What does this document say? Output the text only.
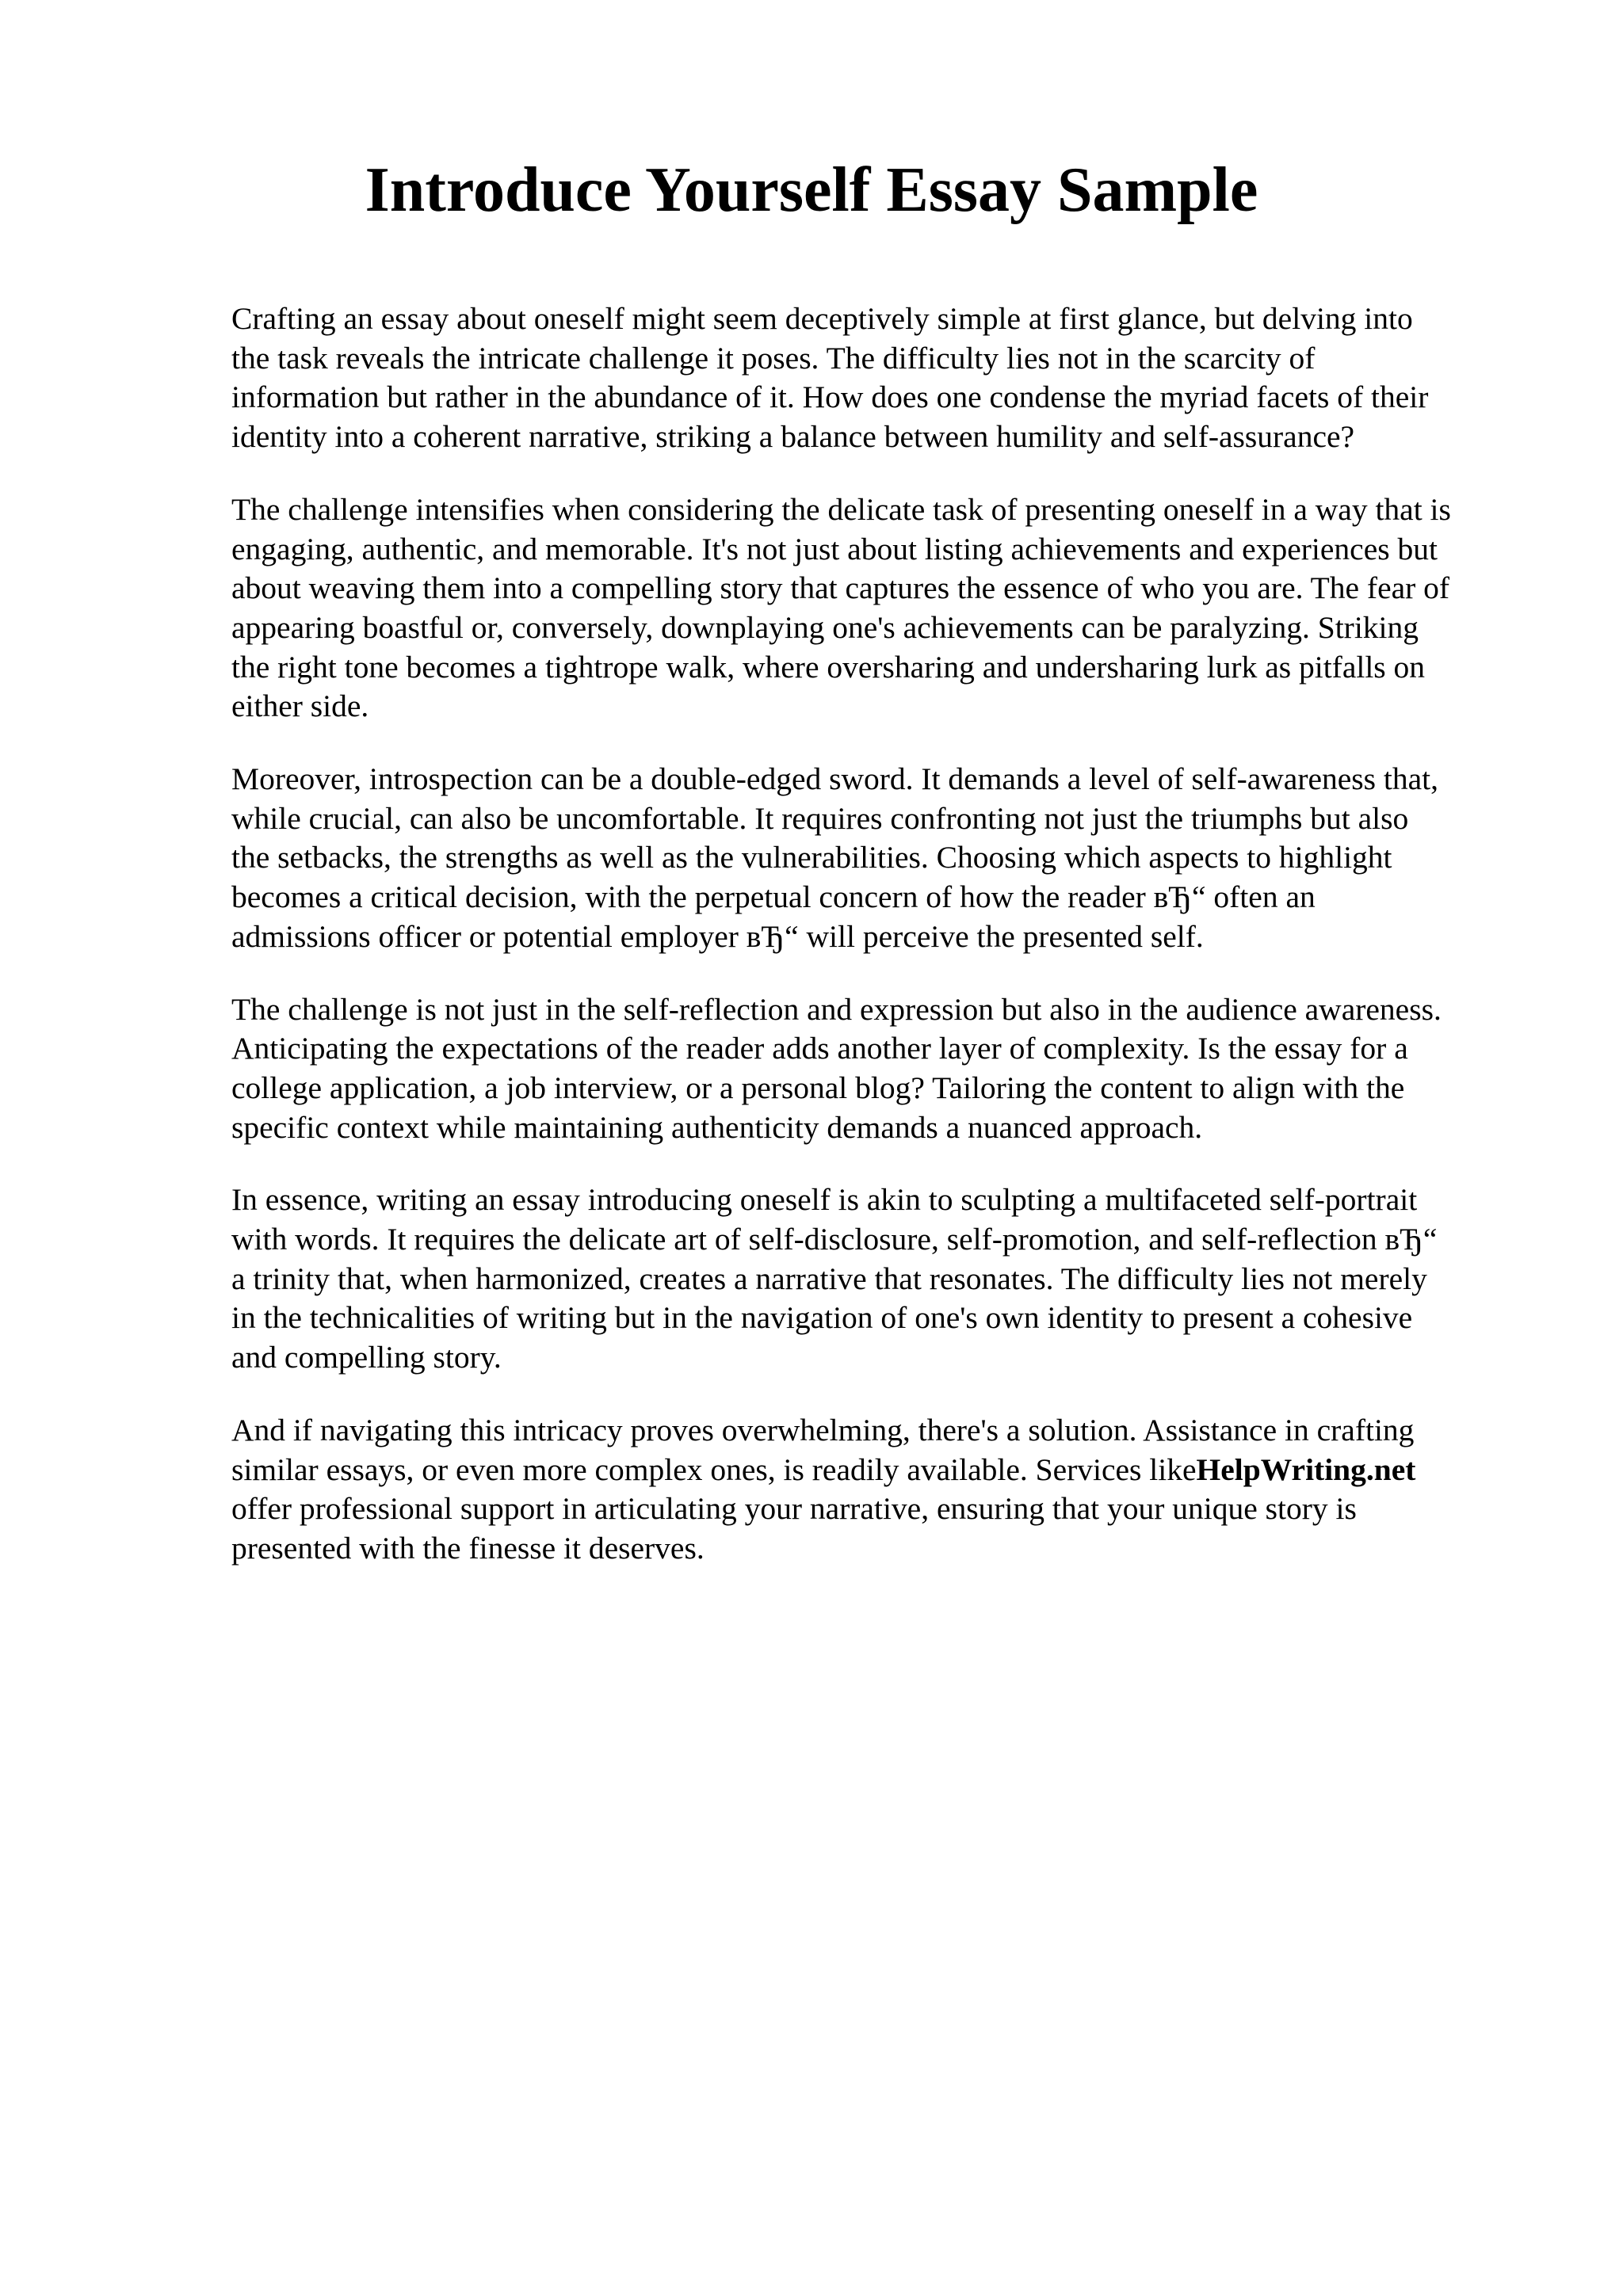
Introduce Yourself Essay Sample

Crafting an essay about oneself might seem deceptively simple at first glance, but delving into
the task reveals the intricate challenge it poses. The difficulty lies not in the scarcity of
information but rather in the abundance of it. How does one condense the myriad facets of their
identity into a coherent narrative, striking a balance between humility and self-assurance?

The challenge intensifies when considering the delicate task of presenting oneself in a way that is
engaging, authentic, and memorable. It's not just about listing achievements and experiences but
about weaving them into a compelling story that captures the essence of who you are. The fear of
appearing boastful or, conversely, downplaying one's achievements can be paralyzing. Striking
the right tone becomes a tightrope walk, where oversharing and undersharing lurk as pitfalls on
either side.

Moreover, introspection can be a double-edged sword. It demands a level of self-awareness that,
while crucial, can also be uncomfortable. It requires confronting not just the triumphs but also
the setbacks, the strengths as well as the vulnerabilities. Choosing which aspects to highlight
becomes a critical decision, with the perpetual concern of how the reader вЂ“ often an
admissions officer or potential employer вЂ“ will perceive the presented self.

The challenge is not just in the self-reflection and expression but also in the audience awareness.
Anticipating the expectations of the reader adds another layer of complexity. Is the essay for a
college application, a job interview, or a personal blog? Tailoring the content to align with the
specific context while maintaining authenticity demands a nuanced approach.

In essence, writing an essay introducing oneself is akin to sculpting a multifaceted self-portrait
with words. It requires the delicate art of self-disclosure, self-promotion, and self-reflection вЂ“
a trinity that, when harmonized, creates a narrative that resonates. The difficulty lies not merely
in the technicalities of writing but in the navigation of one's own identity to present a cohesive
and compelling story.

And if navigating this intricacy proves overwhelming, there's a solution. Assistance in crafting
similar essays, or even more complex ones, is readily available. Services likeHelpWriting.net
offer professional support in articulating your narrative, ensuring that your unique story is
presented with the finesse it deserves.
